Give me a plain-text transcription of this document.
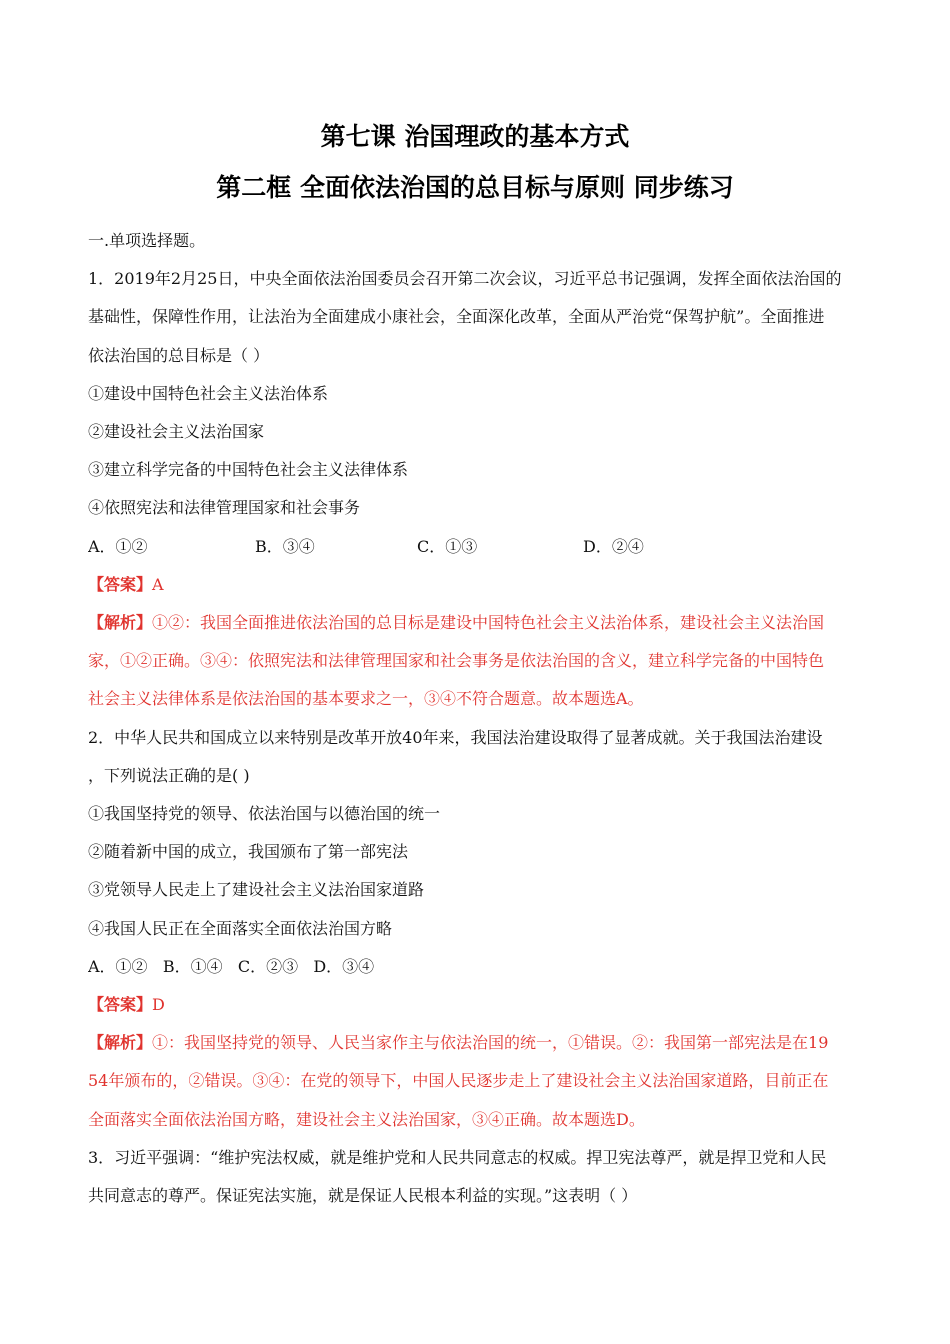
第七课 治国理政的基本方式
第二框 全面依法治国的总目标与原则 同步练习
一.单项选择题。
1．2019年2月25日，中央全面依法治国委员会召开第二次会议，习近平总书记强调，发挥全面依法治国的
基础性，保障性作用，让法治为全面建成小康社会，全面深化改革，全面从严治党“保驾护航”。全面推进
依法治国的总目标是（ ）
①建设中国特色社会主义法治体系
②建设社会主义法治国家
③建立科学完备的中国特色社会主义法律体系
④依照宪法和法律管理国家和社会事务
A．①②	B．③④	C．①③	D．②④
【答案】A
【解析】①②：我国全面推进依法治国的总目标是建设中国特色社会主义法治体系，建设社会主义法治国
家，①②正确。③④：依照宪法和法律管理国家和社会事务是依法治国的含义，建立科学完备的中国特色
社会主义法律体系是依法治国的基本要求之一，③④不符合题意。故本题选A。
2．中华人民共和国成立以来特别是改革开放40年来，我国法治建设取得了显著成就。关于我国法治建设
，下列说法正确的是( )
①我国坚持党的领导、依法治国与以德治国的统一
②随着新中国的成立，我国颁布了第一部宪法
③党领导人民走上了建设社会主义法治国家道路
④我国人民正在全面落实全面依法治国方略
A．①②   B．①④   C．②③   D．③④
【答案】D
【解析】①：我国坚持党的领导、人民当家作主与依法治国的统一，①错误。②：我国第一部宪法是在19
54年颁布的，②错误。③④：在党的领导下，中国人民逐步走上了建设社会主义法治国家道路，目前正在
全面落实全面依法治国方略，建设社会主义法治国家，③④正确。故本题选D。
3．习近平强调：“维护宪法权威，就是维护党和人民共同意志的权威。捍卫宪法尊严，就是捍卫党和人民
共同意志的尊严。保证宪法实施，就是保证人民根本利益的实现。”这表明（ ）
